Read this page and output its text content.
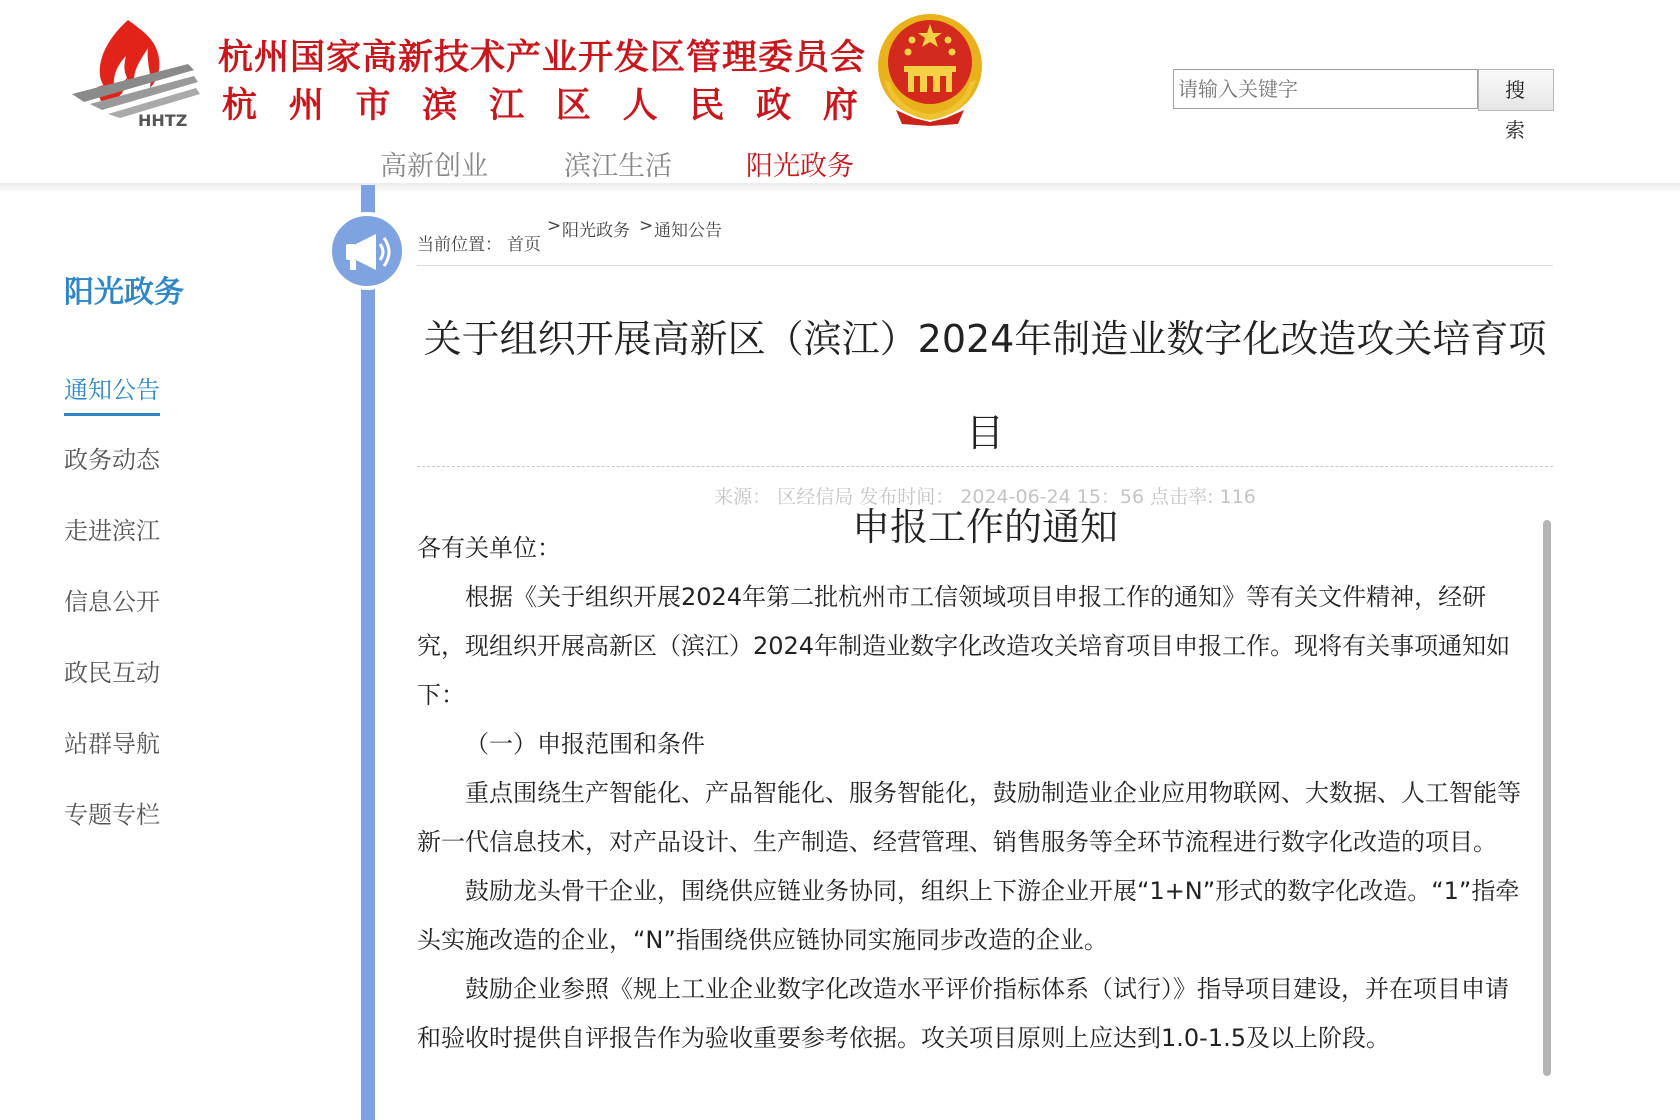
HHTZ
杭州国家高新技术产业开发区管理委员会
杭 州 市 滨 江 区 人 民 政 府
请输入关键字	搜 索
高新创业	滨江生活	阳光政务
阳光政务
通知公告
政务动态
走进滨江
信息公开
政民互动
站群导航
专题专栏
当前位置： 首页
> 阳光政务 > 通知公告
关于组织开展高新区（滨江）2024年制造业数字化改造攻关培育项目
申报工作的通知
来源： 区经信局 发布时间： 2024-06-24 15：56 点击率: 116

各有关单位：

根据《关于组织开展2024年第二批杭州市工信领域项目申报工作的通知》等有关文件精神，经研究，现组织开展高新区（滨江）2024年制造业数字化改造攻关培育项目申报工作。现将有关事项通知如下：

（一）申报范围和条件

重点围绕生产智能化、产品智能化、服务智能化，鼓励制造业企业应用物联网、大数据、人工智能等新一代信息技术，对产品设计、生产制造、经营管理、销售服务等全环节流程进行数字化改造的项目。

鼓励龙头骨干企业，围绕供应链业务协同，组织上下游企业开展“1+N”形式的数字化改造。“1”指牵头实施改造的企业，“N”指围绕供应链协同实施同步改造的企业。

鼓励企业参照《规上工业企业数字化改造水平评价指标体系（试行）》指导项目建设，并在项目申请和验收时提供自评报告作为验收重要参考依据。攻关项目原则上应达到1.0-1.5及以上阶段。
